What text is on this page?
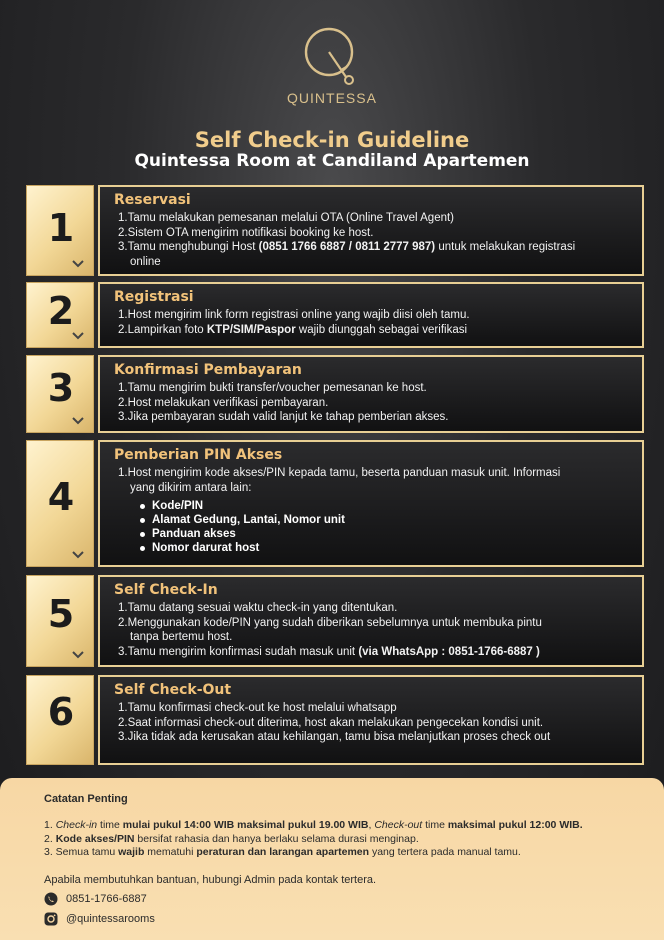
QUINTESSA
Self Check-in Guideline
Quintessa Room at Candiland Apartemen
1
Reservasi
1.Tamu melakukan pemesanan melalui OTA (Online Travel Agent)
2.Sistem OTA mengirim notifikasi booking ke host.
3.Tamu menghubungi Host (0851 1766 6887 / 0811 2777 987) untuk melakukan registrasi
online
2	Registrasi
1.Host mengirim link form registrasi online yang wajib diisi oleh tamu.
2.Lampirkan foto KTP/SIM/Paspor wajib diunggah sebagai verifikasi
3	Konfirmasi Pembayaran
1.Tamu mengirim bukti transfer/voucher pemesanan ke host.
2.Host melakukan verifikasi pembayaran.
3.Jika pembayaran sudah valid lanjut ke tahap pemberian akses.
4
Pemberian PIN Akses
1.Host mengirim kode akses/PIN kepada tamu, beserta panduan masuk unit. Informasi
yang dikirim antara lain:
Kode/PIN
Alamat Gedung, Lantai, Nomor unit
Panduan akses
Nomor darurat host
5
Self Check-In
1.Tamu datang sesuai waktu check-in yang ditentukan.
2.Menggunakan kode/PIN yang sudah diberikan sebelumnya untuk membuka pintu
tanpa bertemu host.
3.Tamu mengirim konfirmasi sudah masuk unit (via WhatsApp : 0851-1766-6887 )
6	Self Check-Out
1.Tamu konfirmasi check-out ke host melalui whatsapp
2.Saat informasi check-out diterima, host akan melakukan pengecekan kondisi unit.
3.Jika tidak ada kerusakan atau kehilangan, tamu bisa melanjutkan proses check out
Catatan Penting
1. Check-in time mulai pukul 14:00 WIB maksimal pukul 19.00 WIB, Check-out time maksimal pukul 12:00 WIB.
2. Kode akses/PIN bersifat rahasia dan hanya berlaku selama durasi menginap.
3. Semua tamu wajib mematuhi peraturan dan larangan apartemen yang tertera pada manual tamu.
Apabila membutuhkan bantuan, hubungi Admin pada kontak tertera.
0851-1766-6887
@quintessarooms
